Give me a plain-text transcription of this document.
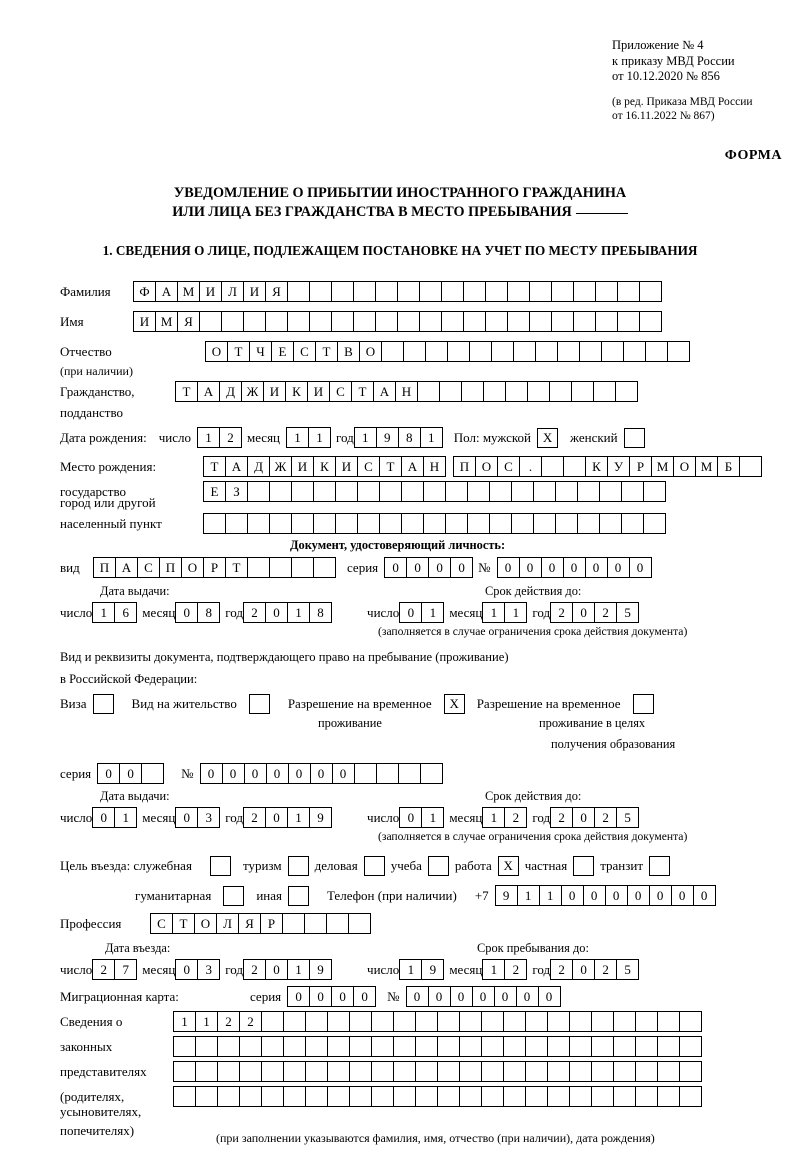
Приложение № 4
к приказу МВД России
от 10.12.2020 № 856
(в ред. Приказа МВД России
от 16.11.2022 № 867)
ФОРМА
УВЕДОМЛЕНИЕ О ПРИБЫТИИ ИНОСТРАННОГО ГРАЖДАНИНА
ИЛИ ЛИЦА БЕЗ ГРАЖДАНСТВА В МЕСТО ПРЕБЫВАНИЯ
1. СВЕДЕНИЯ О ЛИЦЕ, ПОДЛЕЖАЩЕМ ПОСТАНОВКЕ НА УЧЕТ ПО МЕСТУ ПРЕБЫВАНИЯ
Фамилия	Ф А М И Л И Я
Имя	И М Я
Отчество	О	Т	Ч	Е	С	Т	В О
(при наличии)
Гражданство,	Т	А Д Ж И К И С	Т	А Н
подданство
Дата рождения: число	1	2	месяц	1	1	год 1	9	8	1	Пол: мужской X	женский
Место рождения:	Т	А Д Ж И К И С	Т	А Н	П О С	.	К	У	Р М О М Б
государство	Е	З
город или другой
населенный пункт
Документ, удостоверяющий личность:
вид	П А С П О	Р	Т	серия	0	0	0	0	№	0	0	0	0	0	0	0
Дата выдачи:	Срок действия до:
число 1	6	месяц 0	8	год 2	0	1	8	число 0	1	месяц 1	1	год 2	0	2	5
(заполняется в случае ограничения срока действия документа)
Вид и реквизиты документа, подтверждающего право на пребывание (проживание)
в Российской Федерации:
Виза	Вид на жительство	Разрешение на временное	X	Разрешение на временное
проживание	проживание в целях
получения образования
серия	0	0	№	0	0	0	0	0	0	0
Дата выдачи:	Срок действия до:
число 0	1	месяц 0	3	год 2	0	1	9	число 0	1	месяц 1	2	год 2	0	2	5
(заполняется в случае ограничения срока действия документа)
Цель въезда: служебная	туризм	деловая	учеба	работа X частная	транзит
гуманитарная	иная	Телефон (при наличии) +7	9	1	1	0	0	0	0	0	0	0
Профессия	С	Т	О Л	Я	Р
Дата въезда:	Срок пребывания до:
число 2	7	месяц 0	3	год 2	0	1	9	число 1	9	месяц 1	2	год 2	0	2	5
Миграционная карта:	серия	0	0	0	0	№	0	0	0	0	0	0	0
Сведения о	1	1	2	2
законных
представителях
(родителях,
усыновителях,
попечителях)	(при заполнении указываются фамилия, имя, отчество (при наличии), дата рождения)
